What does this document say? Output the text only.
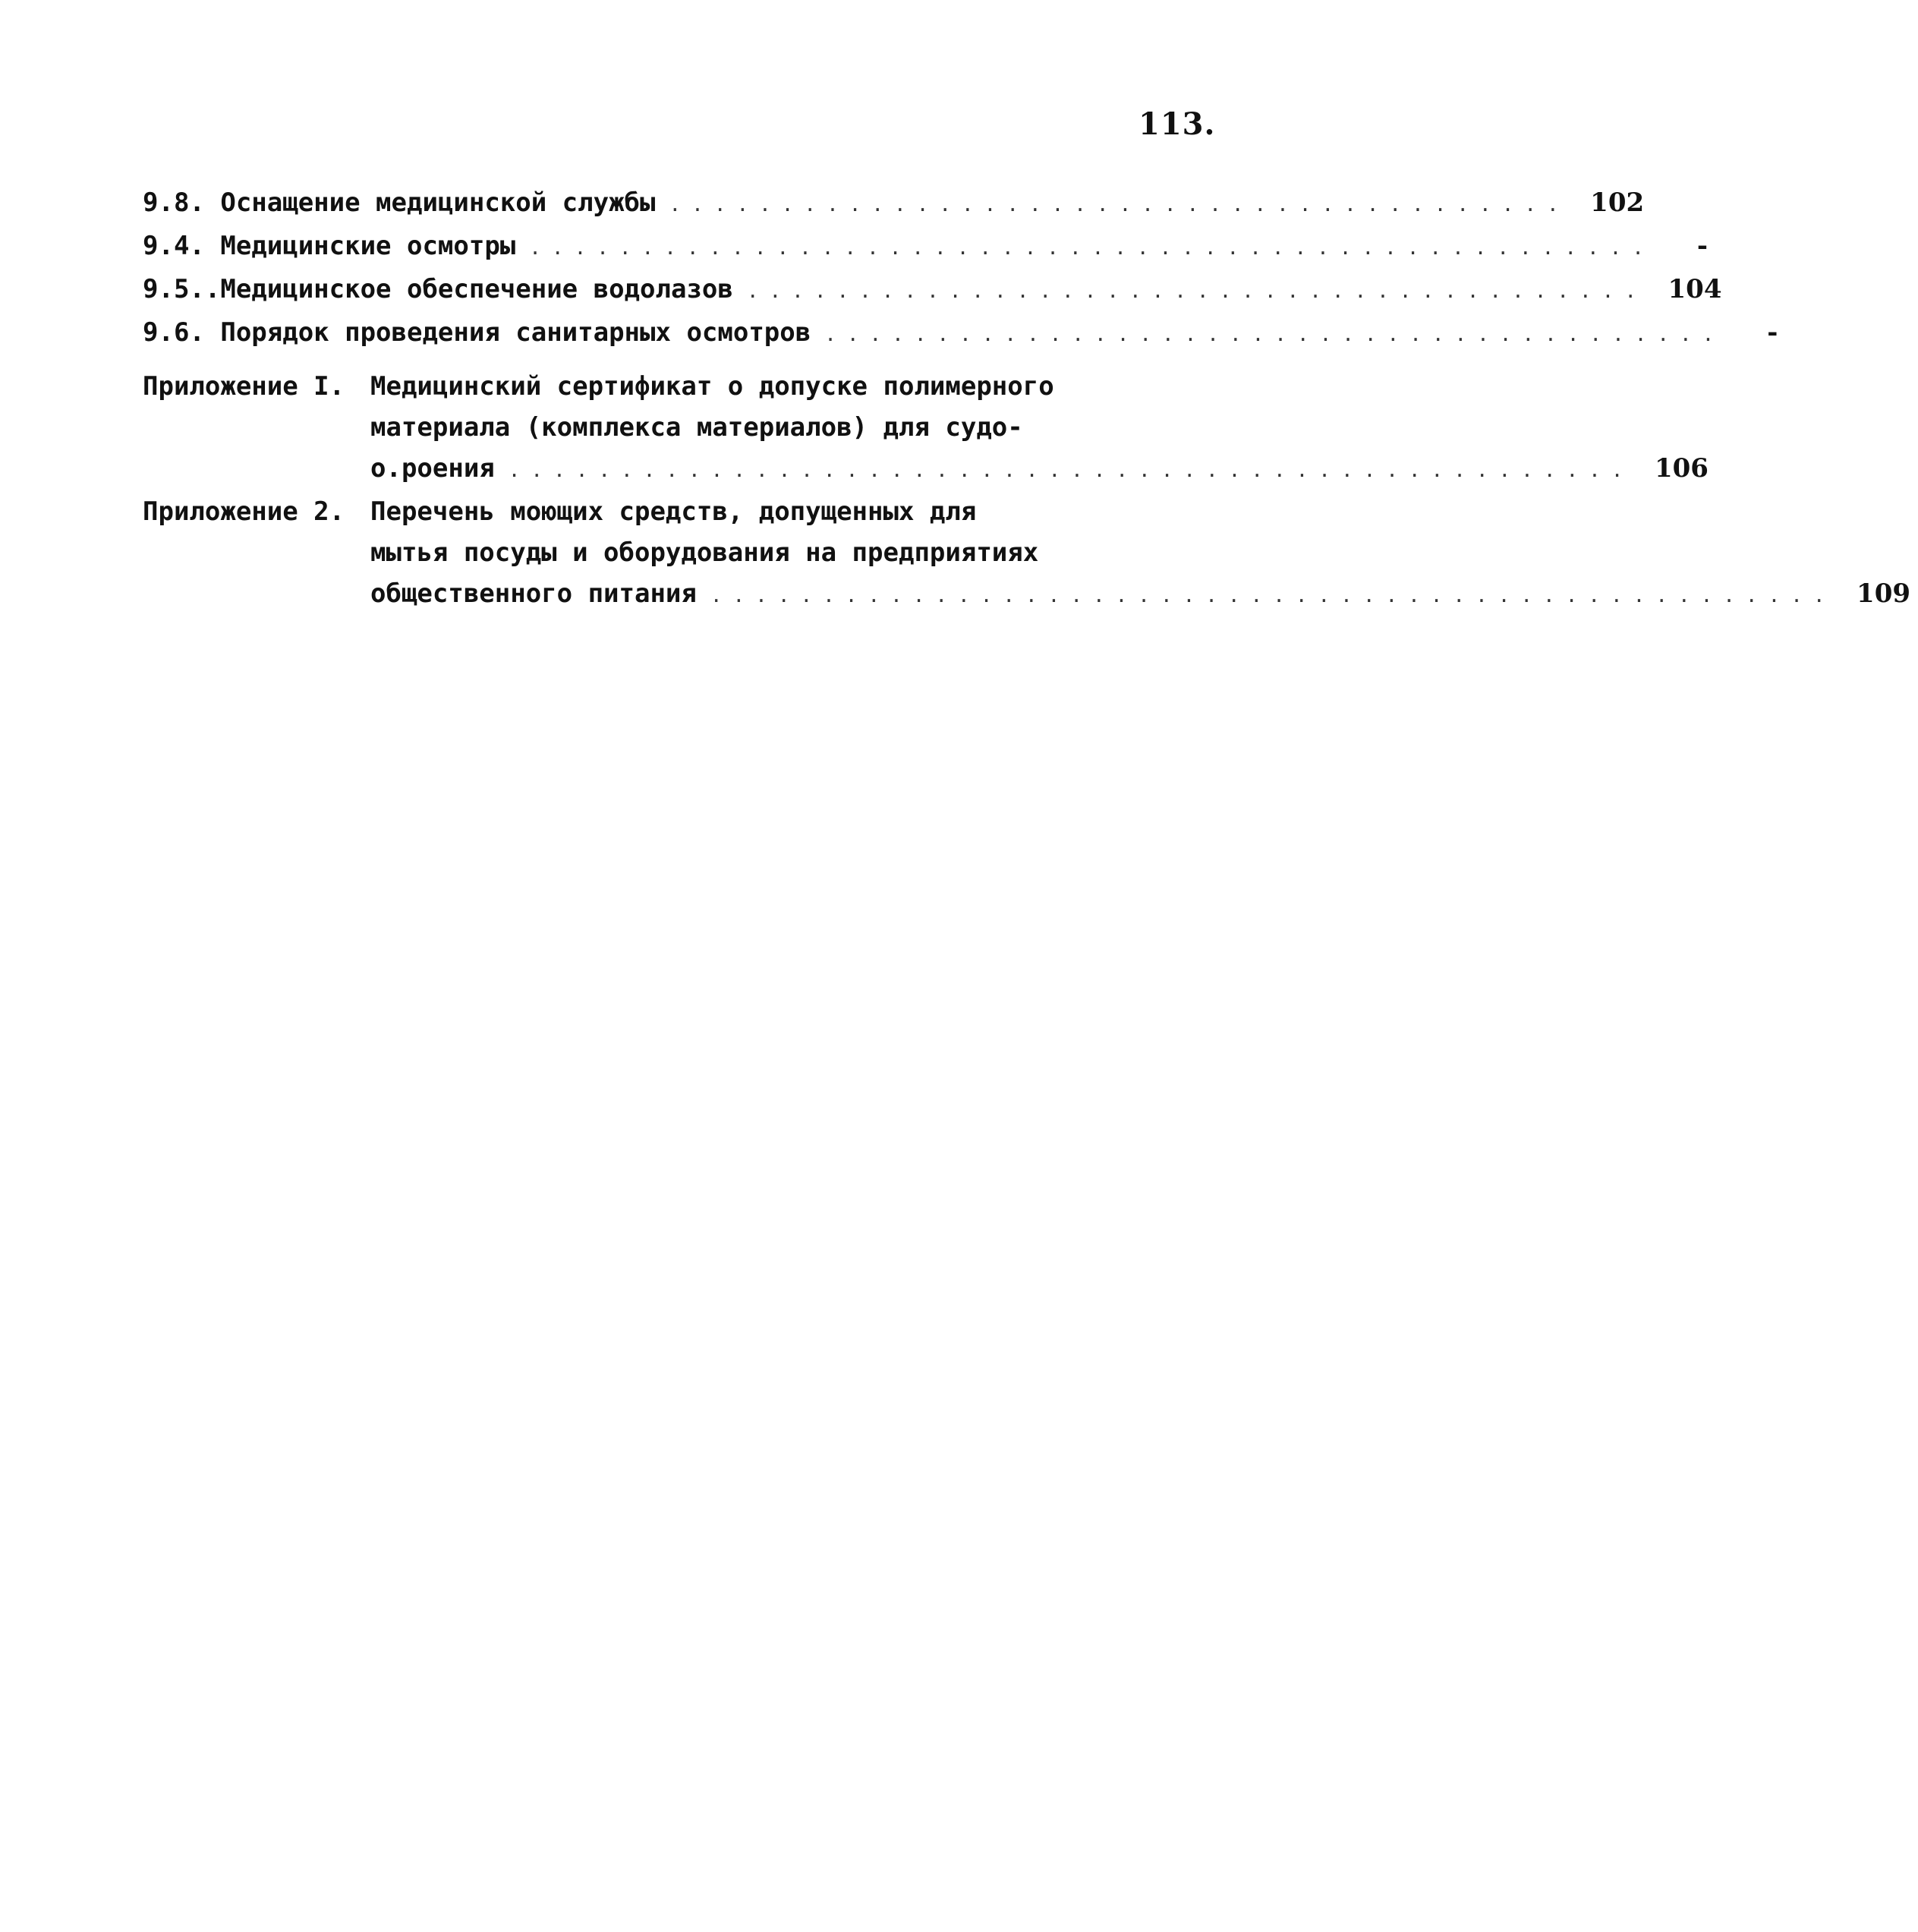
113.
9.8. Оснащение медицинской службы ........................................ 102
9.4. Медицинские осмотры ..................................................	-
9.5..Медицинское обеспечение водолазов ........................................ 104
9.6. Порядок проведения санитарных осмотров ........................................	-
Приложение I. Медицинский сертификат о допуске полимерного
материала (комплекса материалов) для судо-
о.роения .................................................. 106
Приложение 2. Перечень моющих средств, допущенных для
мытья посуды и оборудования на предприятиях
общественного питания .................................................. 109
